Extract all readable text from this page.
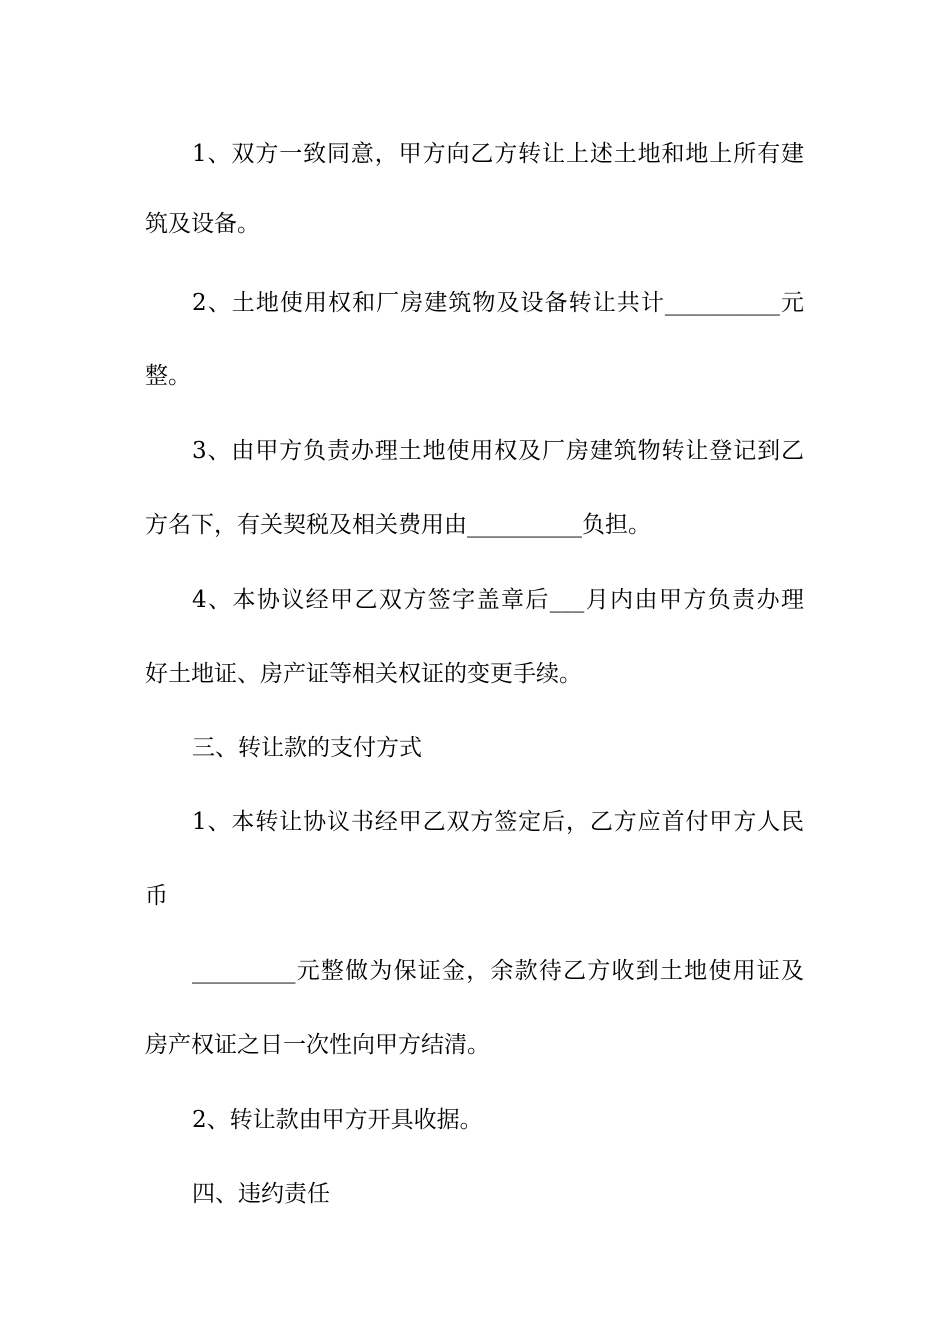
1、双方一致同意，甲方向乙方转让上述土地和地上所有建
筑及设备。
2、土地使用权和厂房建筑物及设备转让共计__________元
整。
3、由甲方负责办理土地使用权及厂房建筑物转让登记到乙
方名下，有关契税及相关费用由__________负担。
4、本协议经甲乙双方签字盖章后___月内由甲方负责办理
好土地证、房产证等相关权证的变更手续。
三、转让款的支付方式
1、本转让协议书经甲乙双方签定后，乙方应首付甲方人民
币
_________元整做为保证金，余款待乙方收到土地使用证及
房产权证之日一次性向甲方结清。
2、转让款由甲方开具收据。
四、违约责任
